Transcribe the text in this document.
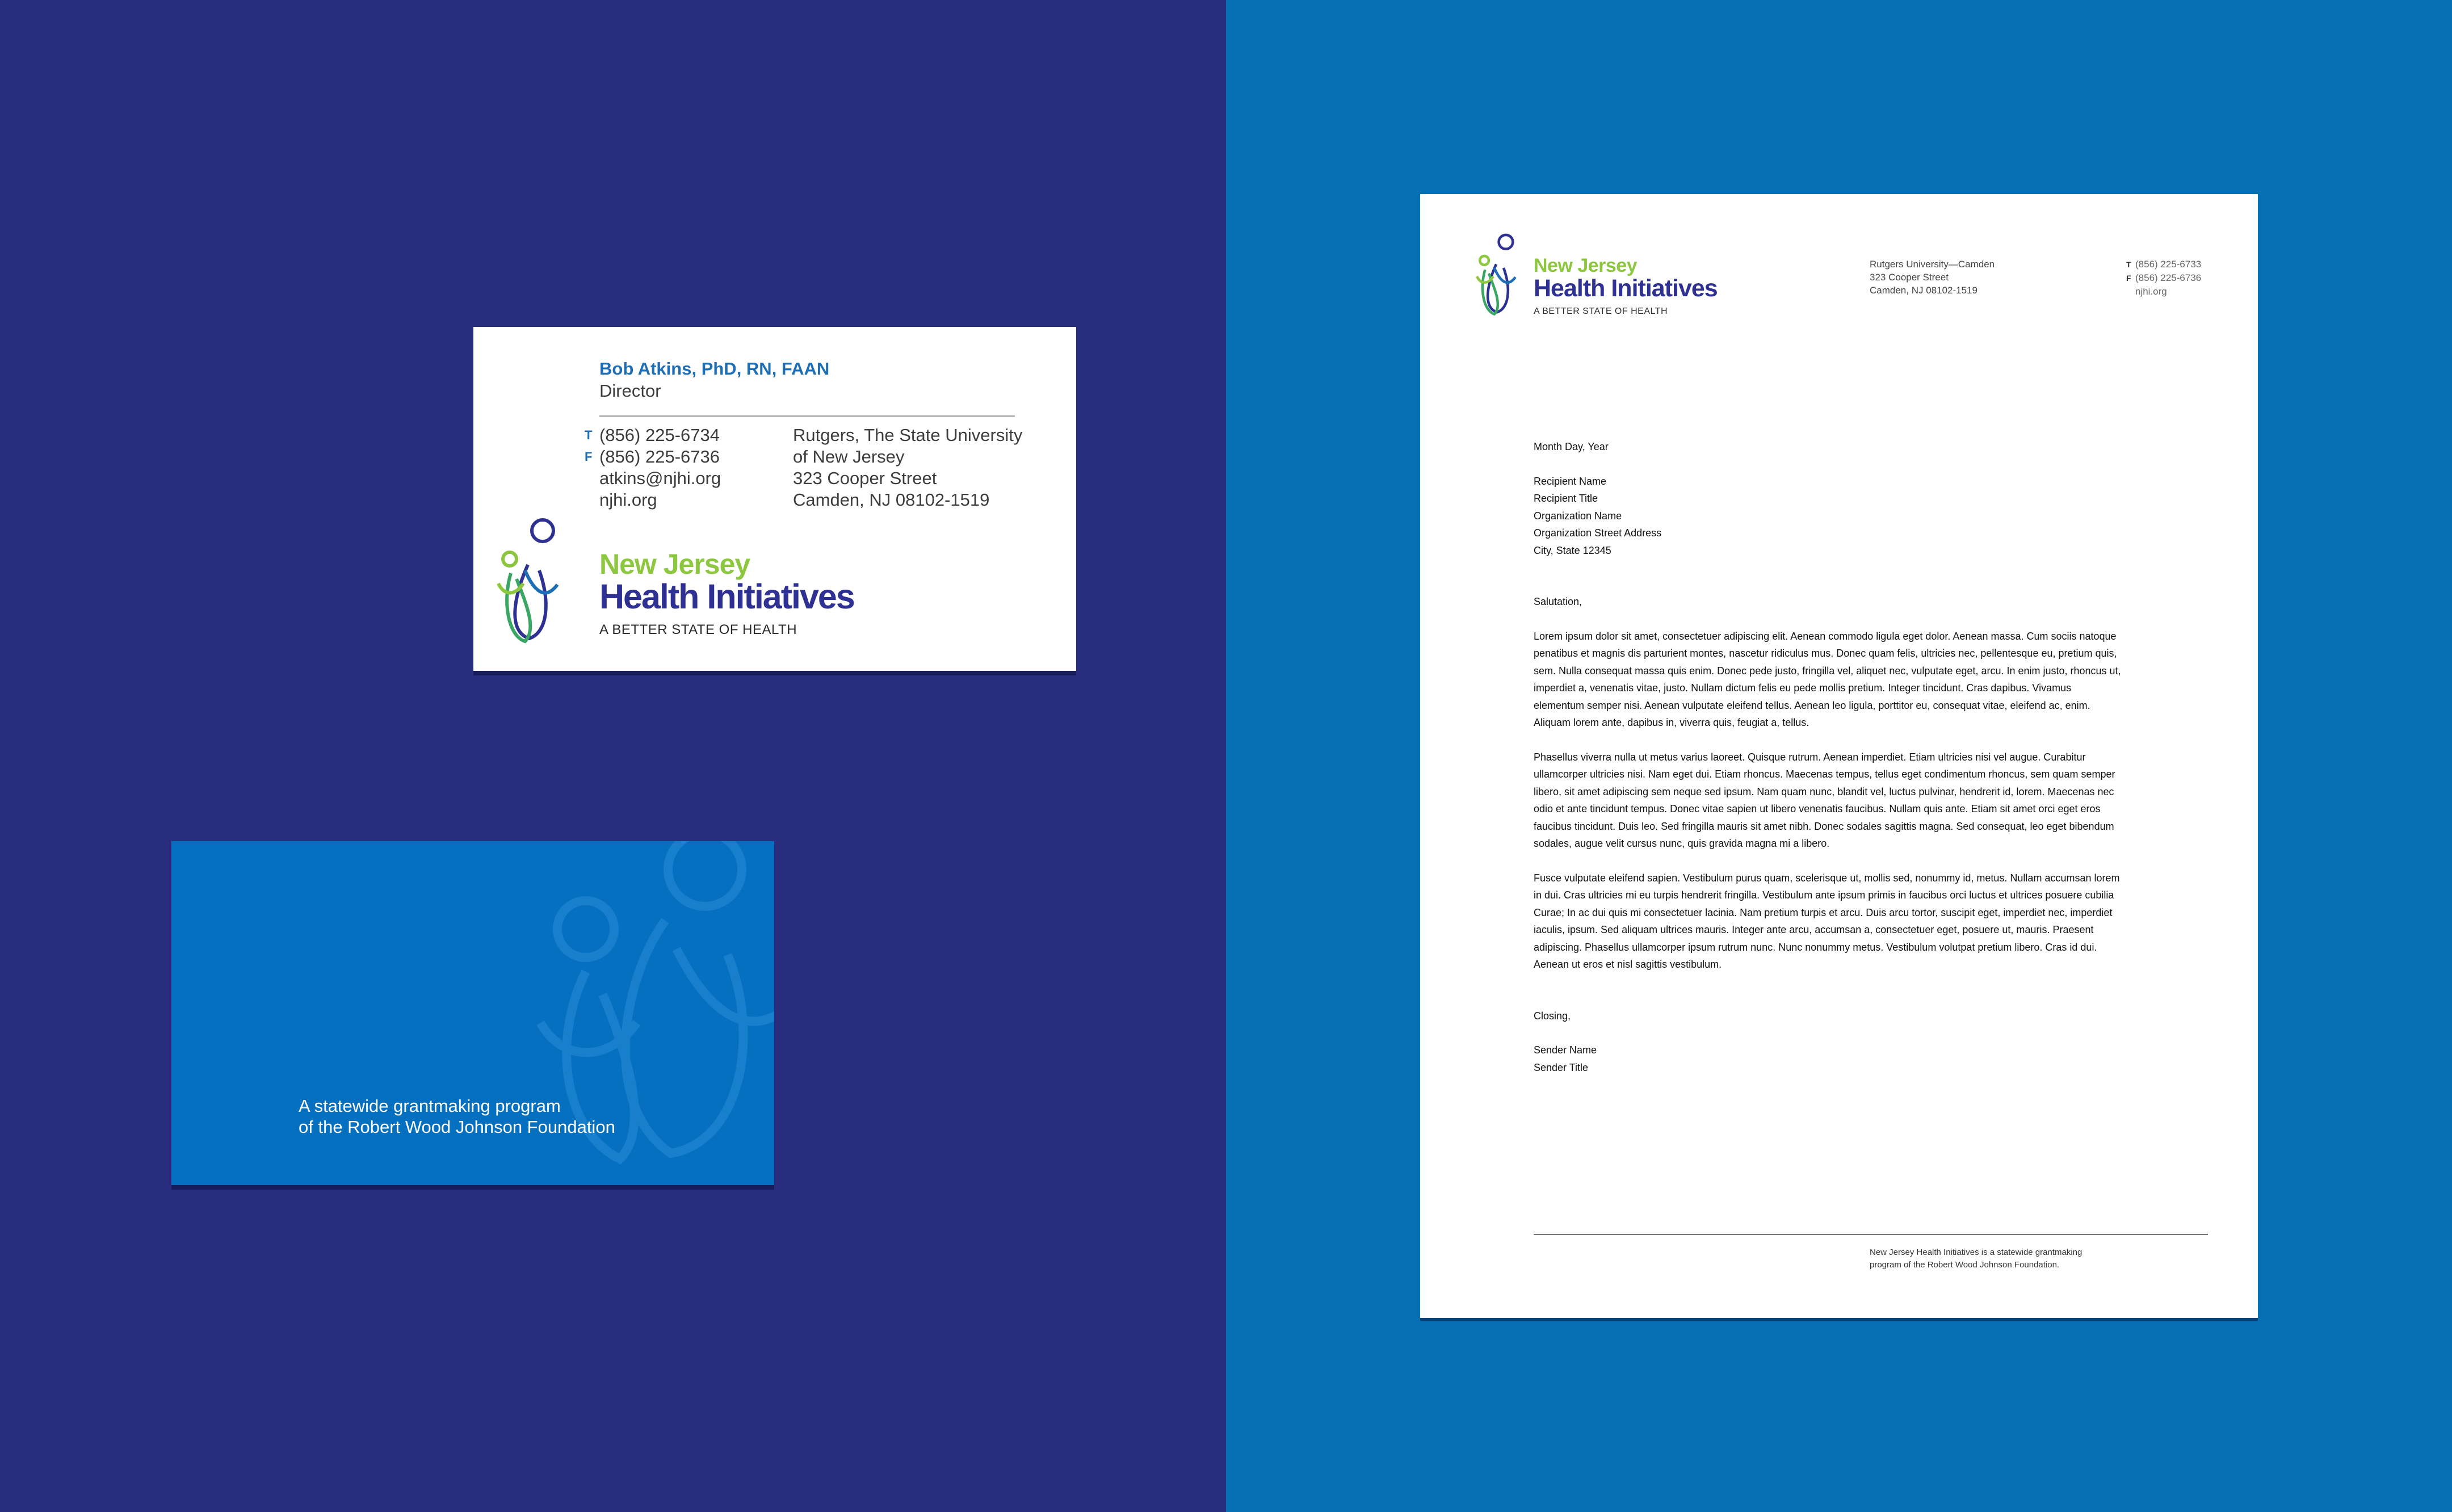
Bob Atkins, PhD, RN, FAAN
Director
T (856) 225-6734
F (856) 225-6736
atkins@njhi.org
njhi.org
Rutgers, The State University
of New Jersey
323 Cooper Street
Camden, NJ 08102-1519
New Jersey
Health Initiatives
A BETTER STATE OF HEALTH
A statewide grantmaking program
of the Robert Wood Johnson Foundation
New Jersey
Health Initiatives
A BETTER STATE OF HEALTH
Rutgers University—Camden
323 Cooper Street
Camden, NJ 08102-1519
T (856) 225-6733
F (856) 225-6736
njhi.org

Month Day, Year

Recipient Name

Recipient Title

Organization Name

Organization Street Address

City, State 12345

Salutation,

Lorem ipsum dolor sit amet, consectetuer adipiscing elit. Aenean commodo ligula eget dolor. Aenean massa. Cum sociis natoque penatibus et magnis dis parturient montes, nascetur ridiculus mus. Donec quam felis, ultricies nec, pellentesque eu, pretium quis, sem. Nulla consequat massa quis enim. Donec pede justo, fringilla vel, aliquet nec, vulputate eget, arcu. In enim justo, rhoncus ut, imperdiet a, venenatis vitae, justo. Nullam dictum felis eu pede mollis pretium. Integer tincidunt. Cras dapibus. Vivamus elementum semper nisi. Aenean vulputate eleifend tellus. Aenean leo ligula, porttitor eu, consequat vitae, eleifend ac, enim. Aliquam lorem ante, dapibus in, viverra quis, feugiat a, tellus.

Phasellus viverra nulla ut metus varius laoreet. Quisque rutrum. Aenean imperdiet. Etiam ultricies nisi vel augue. Curabitur ullamcorper ultricies nisi. Nam eget dui. Etiam rhoncus. Maecenas tempus, tellus eget condimentum rhoncus, sem quam semper libero, sit amet adipiscing sem neque sed ipsum. Nam quam nunc, blandit vel, luctus pulvinar, hendrerit id, lorem. Maecenas nec odio et ante tincidunt tempus. Donec vitae sapien ut libero venenatis faucibus. Nullam quis ante. Etiam sit amet orci eget eros faucibus tincidunt. Duis leo. Sed fringilla mauris sit amet nibh. Donec sodales sagittis magna. Sed consequat, leo eget bibendum sodales, augue velit cursus nunc, quis gravida magna mi a libero.

Fusce vulputate eleifend sapien. Vestibulum purus quam, scelerisque ut, mollis sed, nonummy id, metus. Nullam accumsan lorem in dui. Cras ultricies mi eu turpis hendrerit fringilla. Vestibulum ante ipsum primis in faucibus orci luctus et ultrices posuere cubilia Curae; In ac dui quis mi consectetuer lacinia. Nam pretium turpis et arcu. Duis arcu tortor, suscipit eget, imperdiet nec, imperdiet iaculis, ipsum. Sed aliquam ultrices mauris. Integer ante arcu, accumsan a, consectetuer eget, posuere ut, mauris. Praesent adipiscing. Phasellus ullamcorper ipsum rutrum nunc. Nunc nonummy metus. Vestibulum volutpat pretium libero. Cras id dui. Aenean ut eros et nisl sagittis vestibulum.

Closing,

Sender Name

Sender Title

New Jersey Health Initiatives is a statewide grantmaking
program of the Robert Wood Johnson Foundation.
